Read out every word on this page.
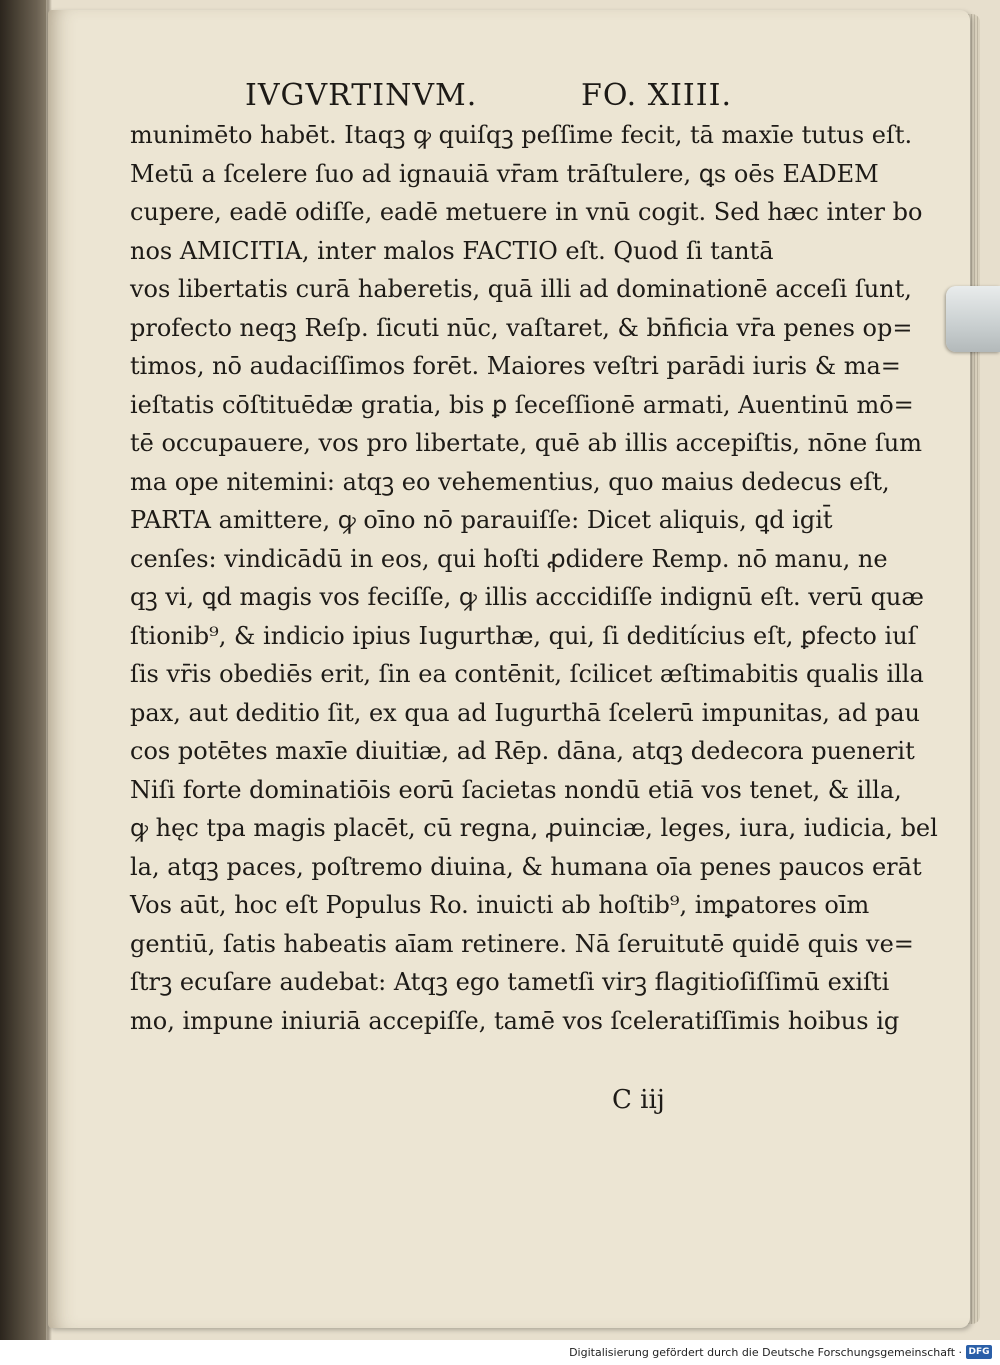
IVGVRTINVM.	FO. XIIII.
munimēto habēt. Itaqꝫ ꝙ quiſqꝫ peſſime fecit, tā maxīe tutus eſt.
Metū a ſcelere ſuo ad ignauiā vr̄am trāſtulere, ꝗs oēs EADEM
cupere, eadē odiſſe, eadē metuere in vnū cogit. Sed hæc inter bo
nos AMICITIA, inter malos FACTIO eſt. Quod ſi tantā
vos libertatis curā haberetis, quā illi ad dominationē acceſi ſunt,
profecto neqꝫ Reſp. ſicuti nūc, vaſtaret, & bn̄ficia vr̄a penes op=
timos, nō audaciſſimos forēt. Maiores veſtri parādi iuris & ma=
ieſtatis cōſtituēdæ gratia, bis ꝑ ſeceſſionē armati, Auentinū mō=
tē occupauere, vos pro libertate, quē ab illis accepiſtis, nōne ſum
ma ope nitemini: atqꝫ eo vehementius, quo maius dedecus eſt,
PARTA amittere, ꝙ oīno nō parauiſſe: Dicet aliquis, ꝗd igit̄
cenſes: vindicādū in eos, qui hoſti ꝓdidere Remp. nō manu, ne
qꝫ vi, ꝗd magis vos feciſſe, ꝙ illis acccidiſſe indignū eſt. verū quæ
ſtionib⁹, & indicio ipius Iugurthæ, qui, ſi deditícius eſt, ꝑfecto iuſ
ſis vr̄is obediēs erit, ſin ea contēnit, ſcilicet æſtimabitis qualis illa
pax, aut deditio ſit, ex qua ad Iugurthā ſcelerū impunitas, ad pau
cos potētes maxīe diuitiæ, ad Rēp. dāna, atqꝫ dedecora puenerit
Niſi forte dominatiōis eorū ſacietas nondū etiā vos tenet, & illa,
ꝙ hęc tpa magis placēt, cū regna, ꝓuinciæ, leges, iura, iudicia, bel
la, atqꝫ paces, poſtremo diuina, & humana oīa penes paucos erāt
Vos aūt, hoc eſt Populus Ro. inuicti ab hoſtib⁹, imꝑatores oīm
gentiū, ſatis habeatis aīam retinere. Nā ſeruitutē quidē quis ve=
ſtrꝫ ecuſare audebat: Atqꝫ ego tametſi virꝫ flagitioſiſſimū exiſti
mo, impune iniuriā accepiſſe, tamē vos ſceleratiſſimis hoibus ig
C iij
Digitalisierung gefördert durch die Deutsche Forschungsgemeinschaft · DFG
